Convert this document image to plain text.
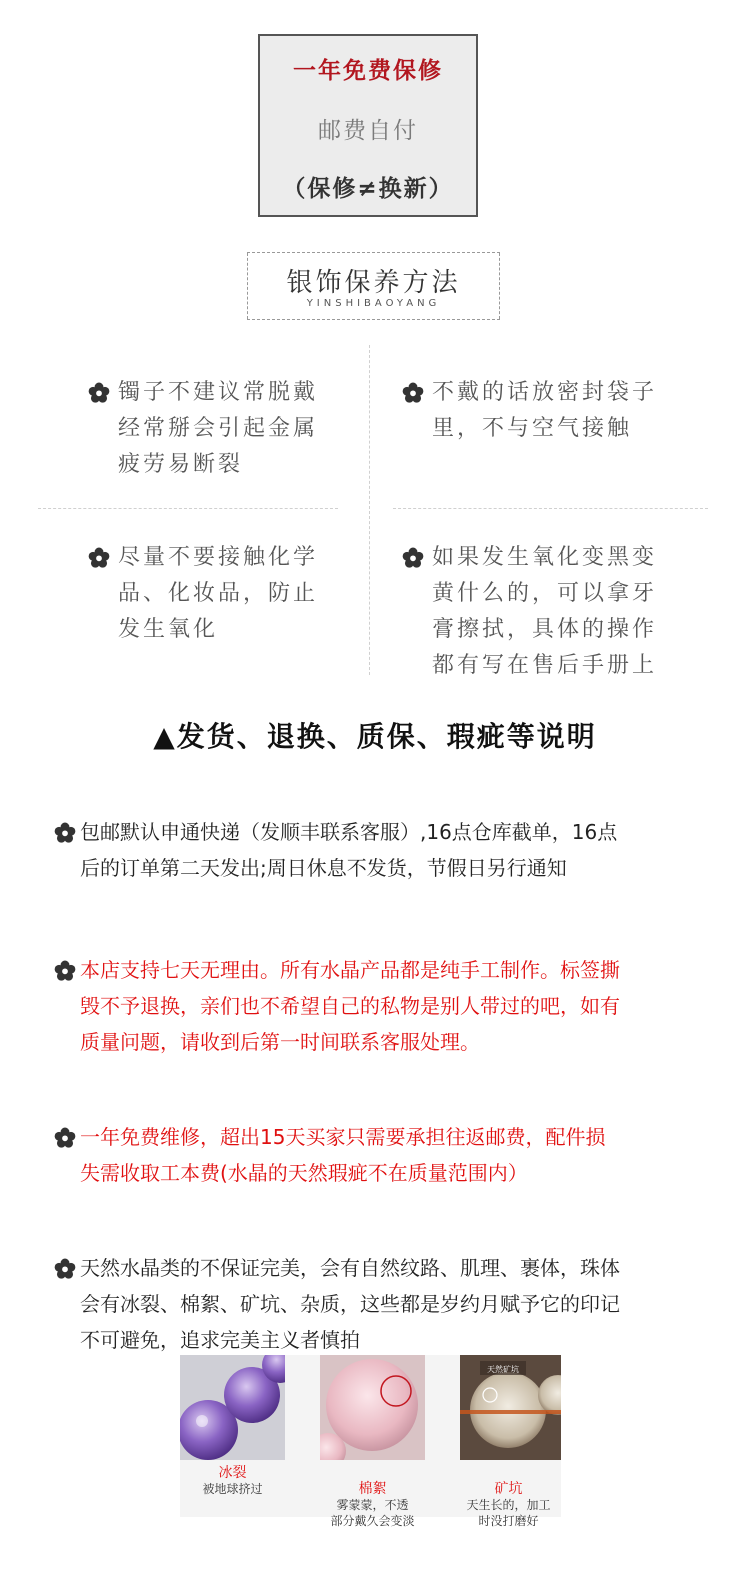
一年免费保修
邮费自付
（保修≠换新）
银饰保养方法
YINSHIBAOYANG
镯子不建议常脱戴
经常掰会引起金属
疲劳易断裂
不戴的话放密封袋子
里，不与空气接触
尽量不要接触化学
品、化妆品，防止
发生氧化
如果发生氧化变黑变
黄什么的，可以拿牙
膏擦拭，具体的操作
都有写在售后手册上
▲发货、退换、质保、瑕疵等说明
包邮默认申通快递（发顺丰联系客服）,16点仓库截单，16点
后的订单第二天发出;周日休息不发货，节假日另行通知
本店支持七天无理由。所有水晶产品都是纯手工制作。标签撕
毁不予退换，亲们也不希望自己的私物是别人带过的吧，如有
质量问题，请收到后第一时间联系客服处理。
一年免费维修，超出15天买家只需要承担往返邮费，配件损
失需收取工本费(水晶的天然瑕疵不在质量范围内）
天然水晶类的不保证完美，会有自然纹路、肌理、裹体，珠体
会有冰裂、棉絮、矿坑、杂质，这些都是岁约月赋予它的印记
不可避免，追求完美主义者慎拍
天然矿坑
冰裂
被地球挤过	棉絮
雾蒙蒙，不透
部分戴久会变淡

矿坑
天生长的，加工
时没打磨好
